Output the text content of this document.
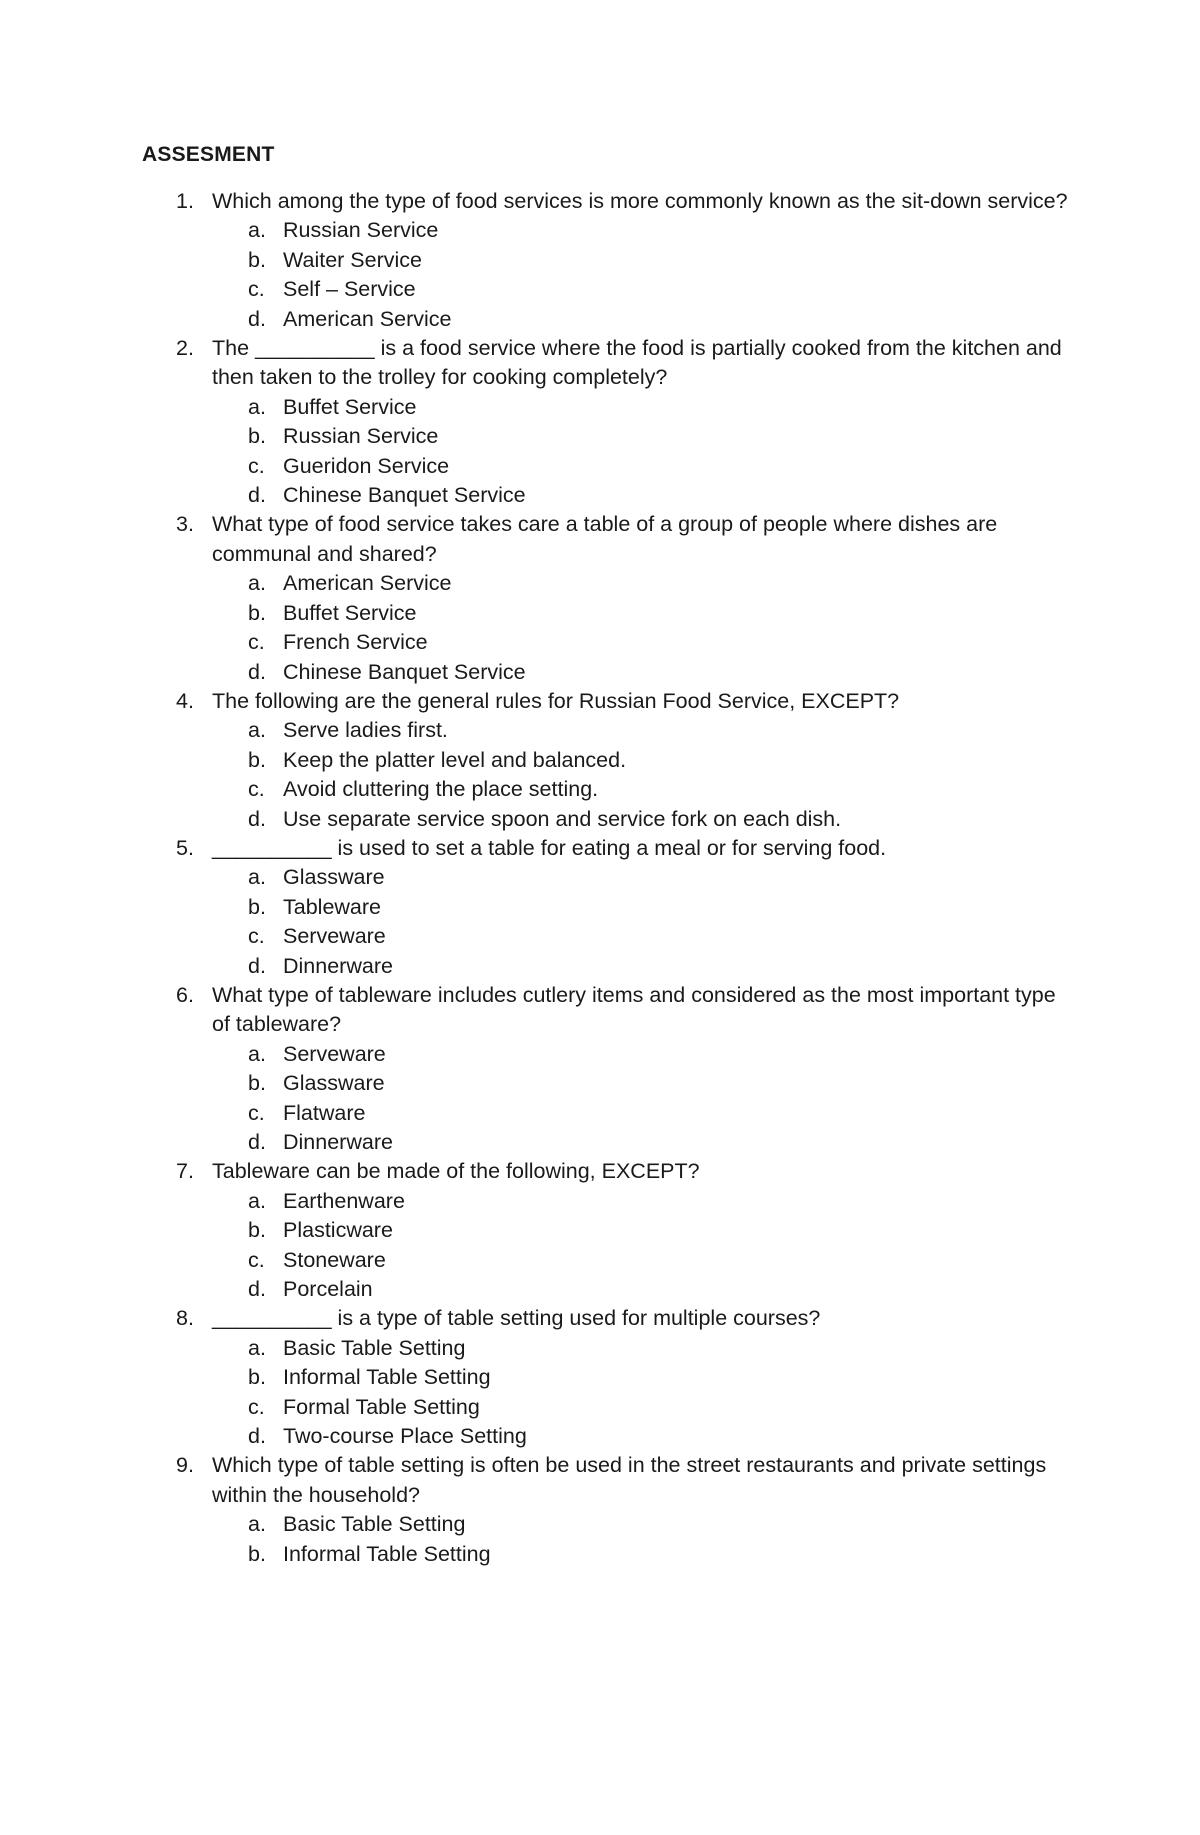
ASSESMENT
1. Which among the type of food services is more commonly known as the sit-down service?
a. Russian Service
b. Waiter Service
c. Self – Service
d. American Service
2. The __________ is a food service where the food is partially cooked from the kitchen and then taken to the trolley for cooking completely?
a. Buffet Service
b. Russian Service
c. Gueridon Service
d. Chinese Banquet Service
3. What type of food service takes care a table of a group of people where dishes are communal and shared?
a. American Service
b. Buffet Service
c. French Service
d. Chinese Banquet Service
4. The following are the general rules for Russian Food Service, EXCEPT?
a. Serve ladies first.
b. Keep the platter level and balanced.
c. Avoid cluttering the place setting.
d. Use separate service spoon and service fork on each dish.
5. __________ is used to set a table for eating a meal or for serving food.
a. Glassware
b. Tableware
c. Serveware
d. Dinnerware
6. What type of tableware includes cutlery items and considered as the most important type of tableware?
a. Serveware
b. Glassware
c. Flatware
d. Dinnerware
7. Tableware can be made of the following, EXCEPT?
a. Earthenware
b. Plasticware
c. Stoneware
d. Porcelain
8. __________ is a type of table setting used for multiple courses?
a. Basic Table Setting
b. Informal Table Setting
c. Formal Table Setting
d. Two-course Place Setting
9. Which type of table setting is often be used in the street restaurants and private settings within the household?
a. Basic Table Setting
b. Informal Table Setting
